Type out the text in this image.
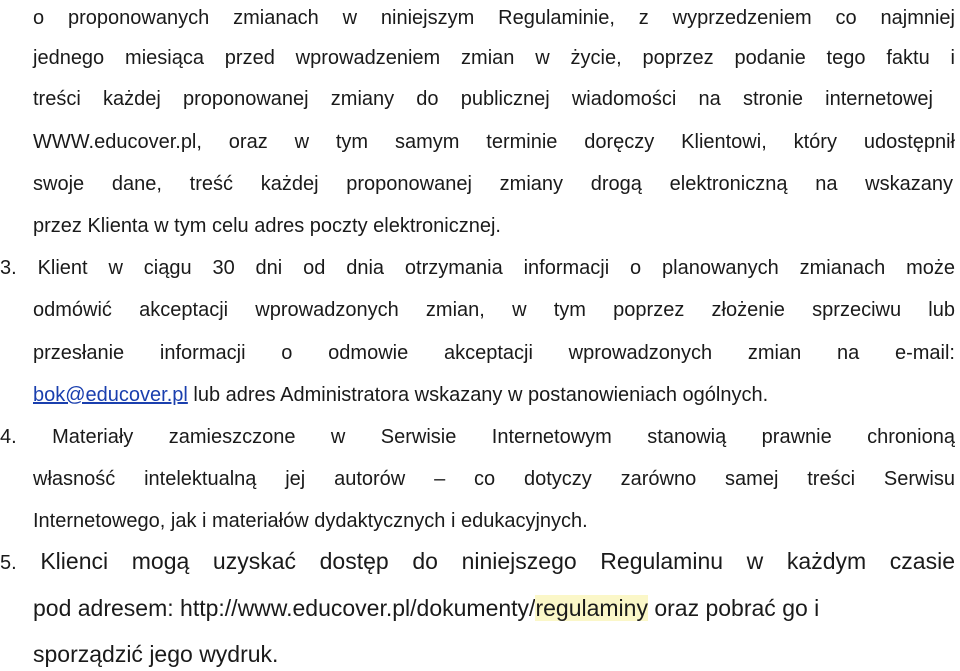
o proponowanych zmianach w niniejszym Regulaminie, z wyprzedzeniem co najmniej
jednego miesiąca przed wprowadzeniem zmian w życie, poprzez podanie tego faktu i
treści każdej proponowanej zmiany do publicznej wiadomości na stronie internetowej
WWW.educover.pl, oraz w tym samym terminie doręczy Klientowi, który udostępnił
swoje dane, treść każdej proponowanej zmiany drogą elektroniczną na wskazany
przez Klienta w tym celu adres poczty elektronicznej.
3. Klient w ciągu 30 dni od dnia otrzymania informacji o planowanych zmianach może
odmówić akceptacji wprowadzonych zmian, w tym poprzez złożenie sprzeciwu lub
przesłanie informacji o odmowie akceptacji wprowadzonych zmian na e-mail:
bok@educover.pl lub adres Administratora wskazany w postanowieniach ogólnych.
4. Materiały zamieszczone w Serwisie Internetowym stanowią prawnie chronioną
własność intelektualną jej autorów – co dotyczy zarówno samej treści Serwisu
Internetowego, jak i materiałów dydaktycznych i edukacyjnych.
5. Klienci mogą uzyskać dostęp do niniejszego Regulaminu w każdym czasie
pod adresem: http://www.educover.pl/dokumenty/regulaminy oraz pobrać go i
sporządzić jego wydruk.
